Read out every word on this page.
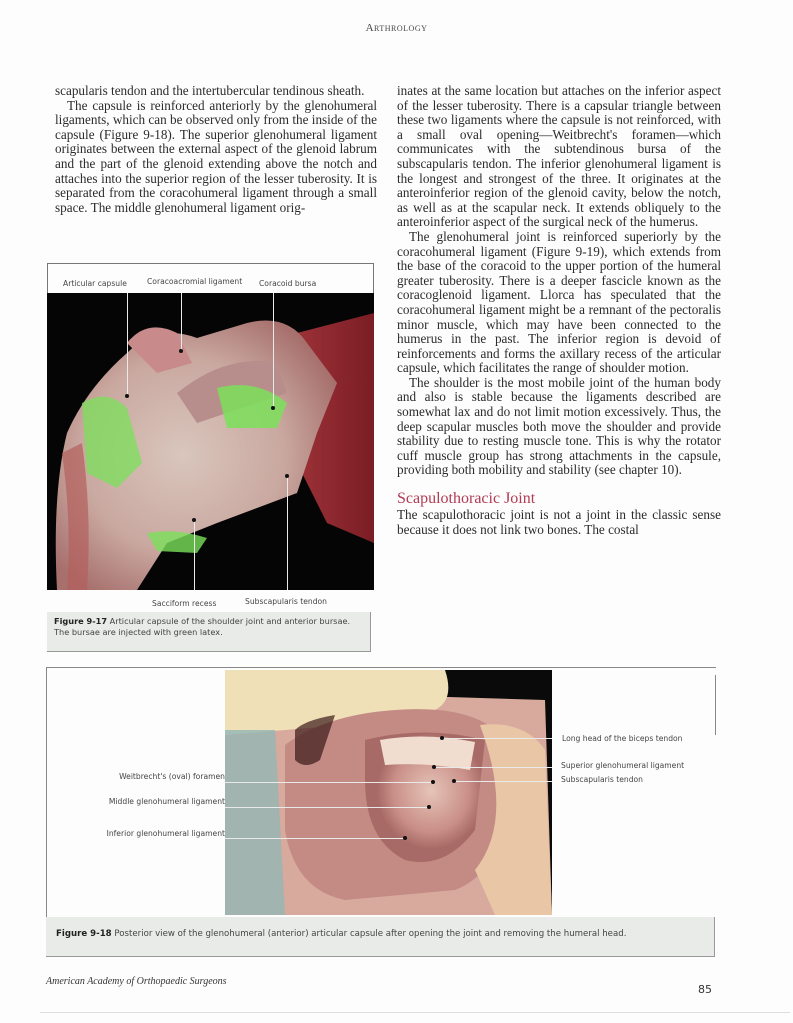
Arthrology

scapularis tendon and the intertubercular tendinous sheath.

The capsule is reinforced anteriorly by the glenohumeral ligaments, which can be observed only from the inside of the capsule (Figure 9-18). The superior glenohumeral ligament originates between the external aspect of the glenoid labrum and the part of the glenoid extending above the notch and attaches into the superior region of the lesser tuberosity. It is separated from the coracohumeral ligament through a small space. The middle glenohumeral ligament orig-

inates at the same location but attaches on the inferior aspect of the lesser tuberosity. There is a capsular triangle between these two ligaments where the capsule is not reinforced, with a small oval opening—Weitbrecht's foramen—which communicates with the subtendinous bursa of the subscapularis tendon. The inferior glenohumeral ligament is the longest and strongest of the three. It originates at the anteroinferior region of the glenoid cavity, below the notch, as well as at the scapular neck. It extends obliquely to the anteroinferior aspect of the surgical neck of the humerus.

The glenohumeral joint is reinforced superiorly by the coracohumeral ligament (Figure 9-19), which extends from the base of the coracoid to the upper portion of the humeral greater tuberosity. There is a deeper fascicle known as the coracoglenoid ligament. Llorca has speculated that the coracohumeral ligament might be a remnant of the pectoralis minor muscle, which may have been connected to the humerus in the past. The inferior region is devoid of reinforcements and forms the axillary recess of the articular capsule, which facilitates the range of shoulder motion.

The shoulder is the most mobile joint of the human body and also is stable because the ligaments described are somewhat lax and do not limit motion excessively. Thus, the deep scapular muscles both move the shoulder and provide stability due to resting muscle tone. This is why the rotator cuff muscle group has strong attachments in the capsule, providing both mobility and stability (see chapter 10).

Scapulothoracic Joint

The scapulothoracic joint is not a joint in the classic sense because it does not link two bones. The costal

Articular capsule	Coracoacromial ligament Coracoid bursa
Sacciform recess	Subscapularis tendon
Figure 9-17 Articular capsule of the shoulder joint and anterior bursae. The bursae are injected with green latex.
Weitbrecht's (oval) foramen
Middle glenohumeral ligament
Inferior glenohumeral ligament
Long head of the biceps tendon
Superior glenohumeral ligament
Subscapularis tendon
Figure 9-18 Posterior view of the glenohumeral (anterior) articular capsule after opening the joint and removing the humeral head.
American Academy of Orthopaedic Surgeons
85
